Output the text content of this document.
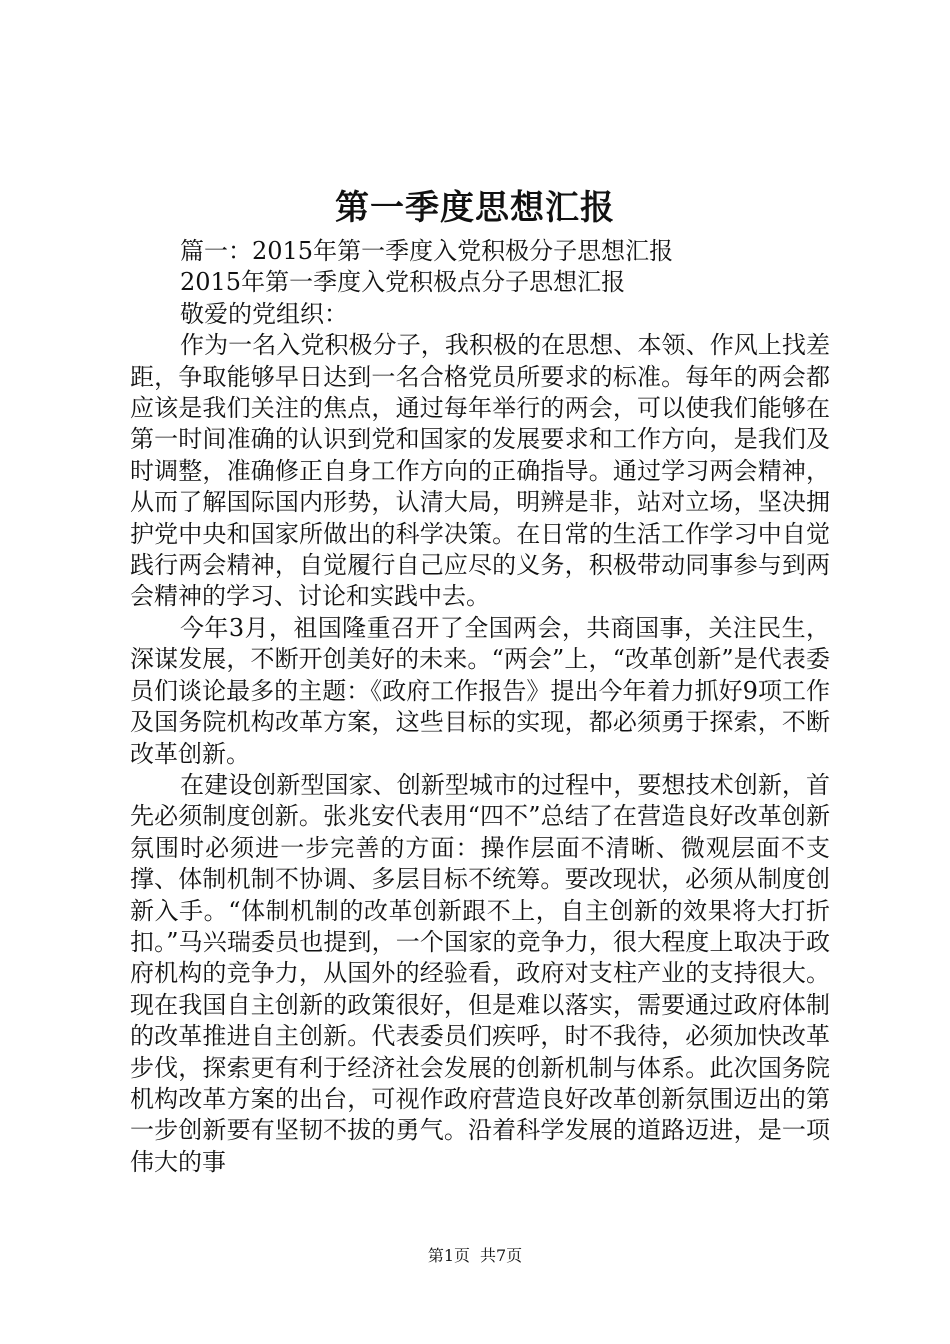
第一季度思想汇报

篇一：2015年第一季度入党积极分子思想汇报

2015年第一季度入党积极点分子思想汇报

敬爱的党组织：

作为一名入党积极分子，我积极的在思想、本领、作风上找差距，争取能够早日达到一名合格党员所要求的标准。每年的两会都应该是我们关注的焦点，通过每年举行的两会，可以使我们能够在第一时间准确的认识到党和国家的发展要求和工作方向，是我们及时调整，准确修正自身工作方向的正确指导。通过学习两会精神，从而了解国际国内形势，认清大局，明辨是非，站对立场，坚决拥护党中央和国家所做出的科学决策。在日常的生活工作学习中自觉践行两会精神，自觉履行自己应尽的义务，积极带动同事参与到两会精神的学习、讨论和实践中去。

今年3月，祖国隆重召开了全国两会，共商国事，关注民生，深谋发展，不断开创美好的未来。“两会”上，“改革创新”是代表委员们谈论最多的主题：《政府工作报告》提出今年着力抓好9项工作及国务院机构改革方案，这些目标的实现，都必须勇于探索，不断改革创新。

在建设创新型国家、创新型城市的过程中，要想技术创新，首先必须制度创新。张兆安代表用“四不”总结了在营造良好改革创新氛围时必须进一步完善的方面：操作层面不清晰、微观层面不支撑、体制机制不协调、多层目标不统筹。要改现状，必须从制度创新入手。“体制机制的改革创新跟不上，自主创新的效果将大打折扣。”马兴瑞委员也提到，一个国家的竞争力，很大程度上取决于政府机构的竞争力，从国外的经验看，政府对支柱产业的支持很大。现在我国自主创新的政策很好，但是难以落实，需要通过政府体制的改革推进自主创新。代表委员们疾呼，时不我待，必须加快改革步伐，探索更有利于经济社会发展的创新机制与体系。此次国务院机构改革方案的出台，可视作政府营造良好改革创新氛围迈出的第一步创新要有坚韧不拔的勇气。沿着科学发展的道路迈进，是一项伟大的事

第1页 共7页
